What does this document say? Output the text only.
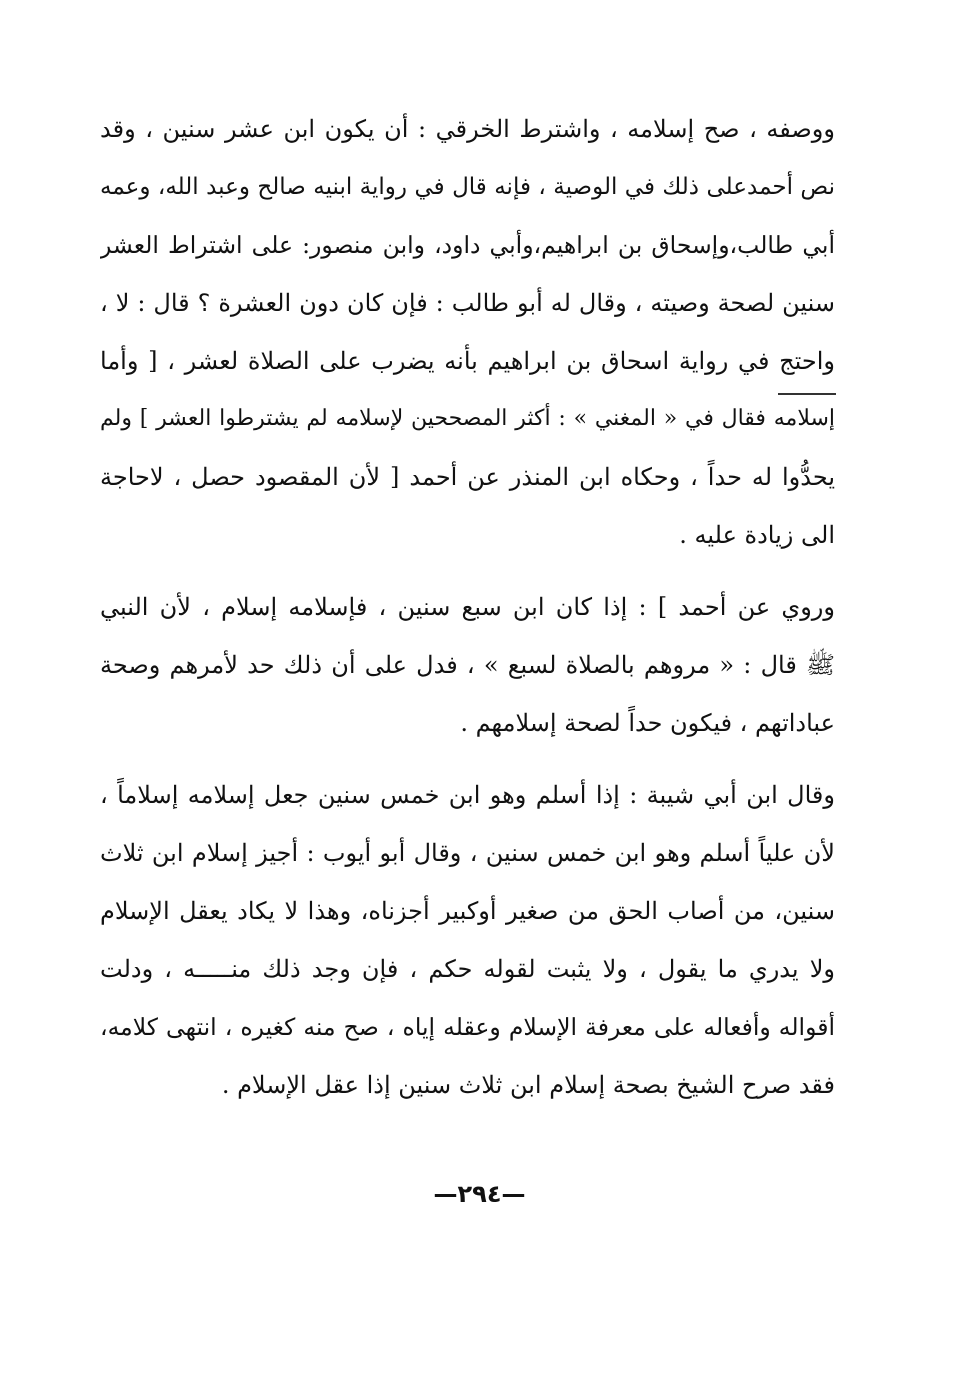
ووصفه ، صح إسلامه ، واشترط الخرقي : أن يكون ابن عشر سنين ، وقد
نص أحمدعلى ذلك في الوصية ، فإنه قال في رواية ابنيه صالح وعبد الله، وعمه
أبي طالب،وإسحاق بن ابراهيم،وأبي داود، وابن منصور: على اشتراط العشر
سنين لصحة وصيته ، وقال له أبو طالب : فإن كان دون العشرة ؟ قال : لا ،
واحتج في رواية اسحاق بن ابراهيم بأنه يضرب على الصلاة لعشر ، [ وأما
إسلامه فقال في « المغني » : أكثر المصححين لإسلامه لم يشترطوا العشر ] ولم
يحدُّوا له حداً ، وحكاه ابن المنذر عن أحمد [ لأن المقصود حصل ، لاحاجة
الى زيادة عليه .
وروي عن أحمد ] : إذا كان ابن سبع سنين ، فإسلامه إسلام ، لأن النبي
ﷺ قال : « مروهم بالصلاة لسبع » ، فدل على أن ذلك حد لأمرهم وصحة
عباداتهم ، فيكون حداً لصحة إسلامهم .
وقال ابن أبي شيبة : إذا أسلم وهو ابن خمس سنين جعل إسلامه إسلاماً ،
لأن علياً أسلم وهو ابن خمس سنين ، وقال أبو أيوب : أجيز إسلام ابن ثلاث
سنين، من أصاب الحق من صغير أوكبير أجزناه، وهذا لا يكاد يعقل الإسلام
ولا يدري ما يقول ، ولا يثبت لقوله حكم ، فإن وجد ذلك منـــــه ، ودلت
أقواله وأفعاله على معرفة الإسلام وعقله إياه ، صح منه كغيره ، انتهى كلامه،
فقد صرح الشيخ بصحة إسلام ابن ثلاث سنين إذا عقل الإسلام .
—٢٩٤—
